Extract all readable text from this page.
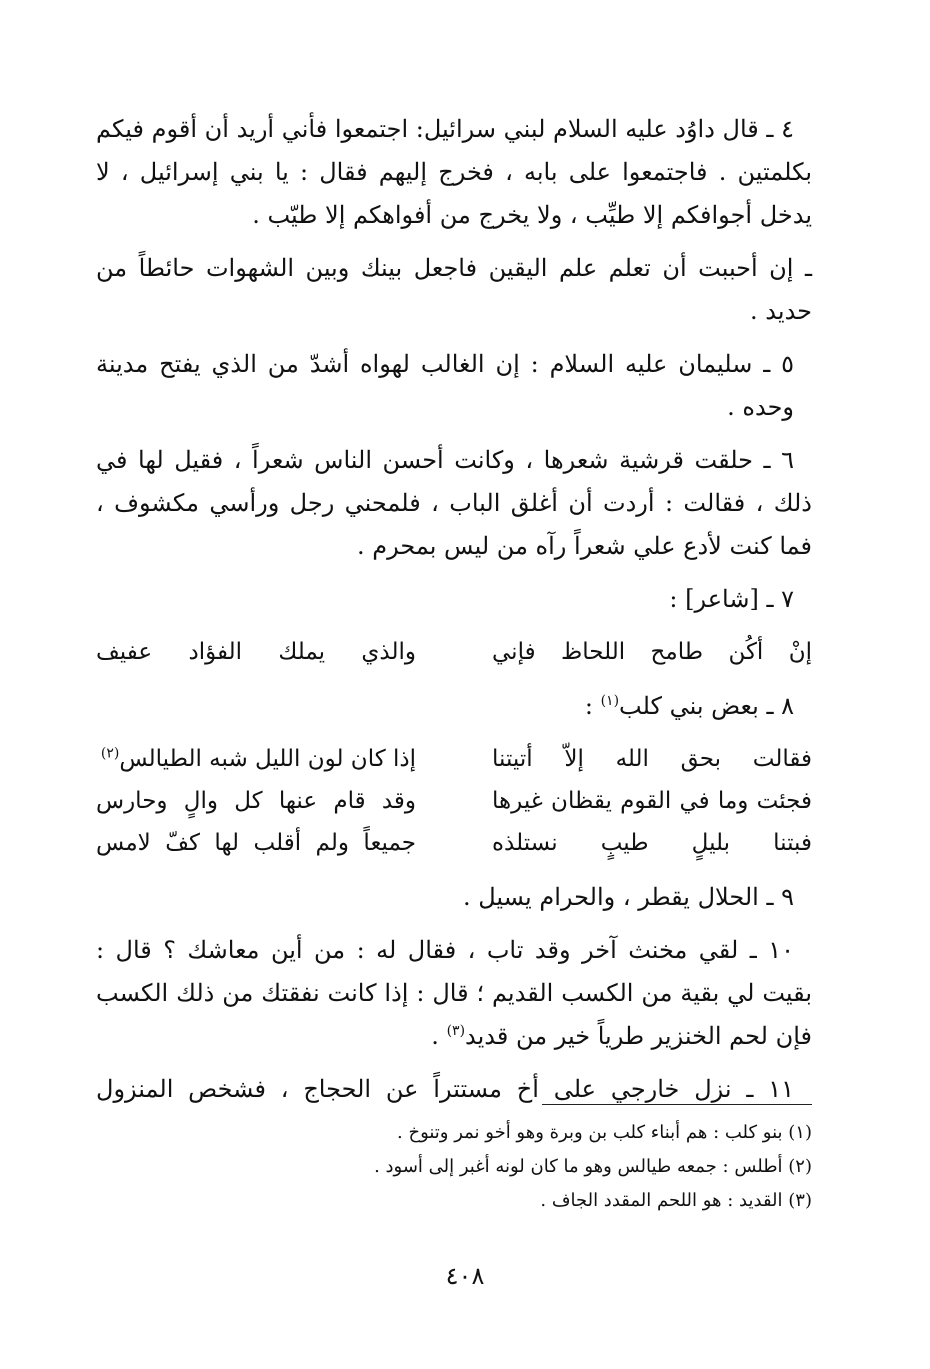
٤ ـ قال داوُد عليه السلام لبني سرائيل: اجتمعوا فأني أريد أن أقوم فيكم
بكلمتين . فاجتمعوا على بابه ، فخرج إليهم فقال : يا بني إسرائيل ، لا
يدخل أجوافكم إلا طيِّب ، ولا يخرج من أفواهكم إلا طيّب .
ـ إن أحببت أن تعلم علم اليقين فاجعل بينك وبين الشهوات حائطاً من
حديد .
٥ ـ سليمان عليه السلام : إن الغالب لهواه أشدّ من الذي يفتح مدينة وحده .
٦ ـ حلقت قرشية شعرها ، وكانت أحسن الناس شعراً ، فقيل لها في
ذلك ، فقالت : أردت أن أغلق الباب ، فلمحني رجل ورأسي مكشوف ،
فما كنت لأدع علي شعراً رآه من ليس بمحرم .
٧ ـ [شاعر] :
إنْ أكُن طامح اللحاظ فإني
والذي يملك الفؤاد عفيف
٨ ـ بعض بني كلب$^{(١)}$ :
فقالت بحق الله إلاّ أتيتنا
إذا كان لون الليل شبه الطيالس$^{(٢)}$
فجئت وما في القوم يقظان غيرها
وقد قام عنها كل والٍ وحارس
فبتنا بليلٍ طيبٍ نستلذه
جميعاً ولم أقلب لها كفّ لامس
٩ ـ الحلال يقطر ، والحرام يسيل .
١٠ ـ لقي مخنث آخر وقد تاب ، فقال له : من أين معاشك ؟ قال :
بقيت لي بقية من الكسب القديم ؛ قال : إذا كانت نفقتك من ذلك الكسب
فإن لحم الخنزير طرياً خير من قديد$^{(٣)}$ .
١١ ـ نزل خارجي على أخ مستتراً عن الحجاج ، فشخص المنزول
(١) بنو كلب : هم أبناء كلب بن وبرة وهو أخو نمر وتنوخ .
(٢) أطلس : جمعه طيالس وهو ما كان لونه أغبر إلى أسود .
(٣) القديد : هو اللحم المقدد الجاف .
٤٠٨
